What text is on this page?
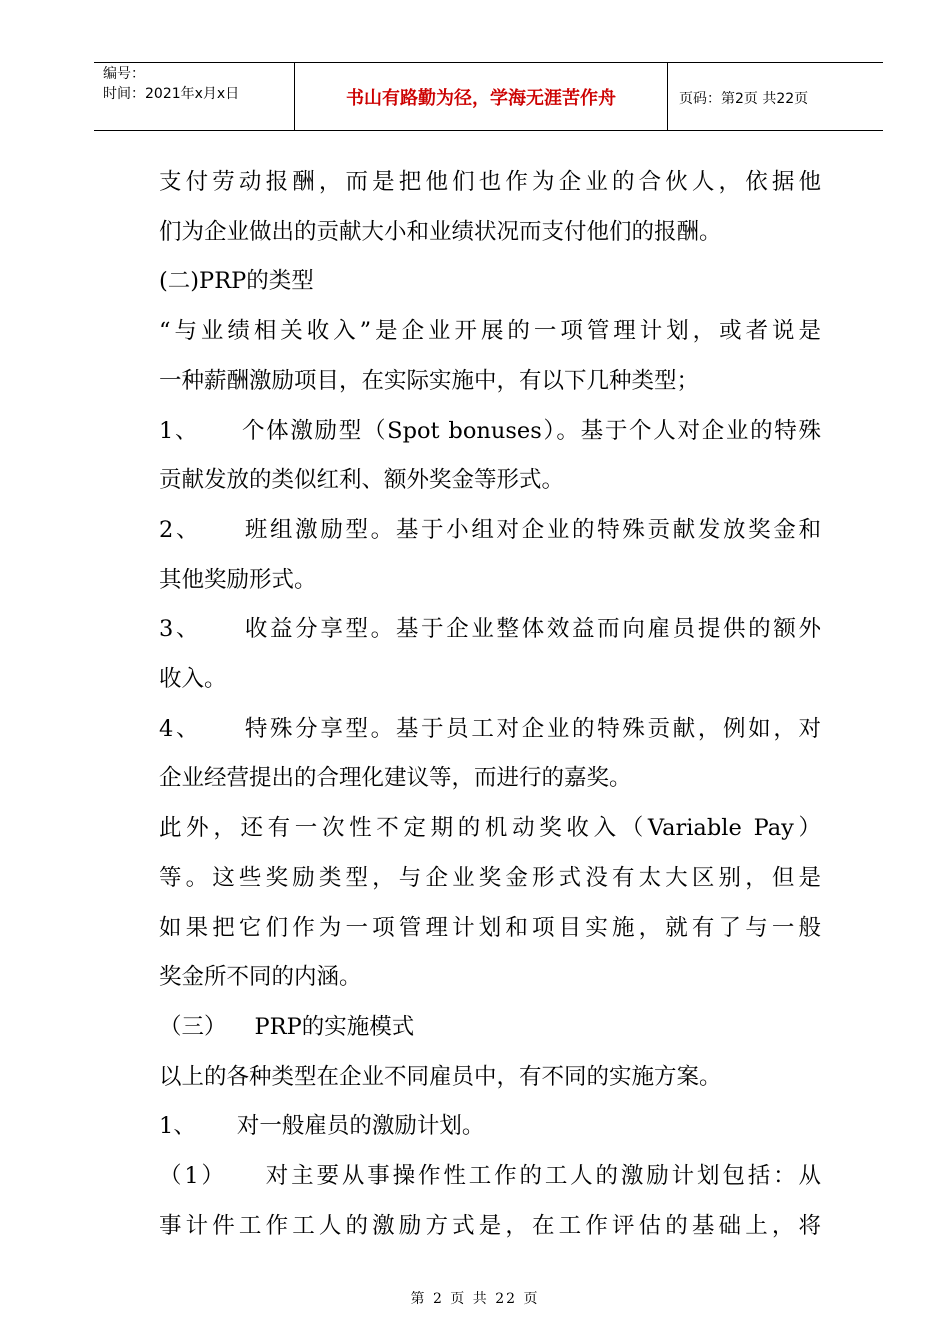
编号：
时间：2021年x月x日	书山有路勤为径，学海无涯苦作舟	页码：第2页 共22页

支付劳动报酬，而是把他们也作为企业的合伙人，依据他

们为企业做出的贡献大小和业绩状况而支付他们的报酬。

(二)PRP的类型

“与业绩相关收入”是企业开展的一项管理计划，或者说是

一种薪酬激励项目，在实际实施中，有以下几种类型；

1、 个体激励型（Spot bonuses）。基于个人对企业的特殊

贡献发放的类似红利、额外奖金等形式。

2、 班组激励型。基于小组对企业的特殊贡献发放奖金和

其他奖励形式。

3、 收益分享型。基于企业整体效益而向雇员提供的额外

收入。

4、 特殊分享型。基于员工对企业的特殊贡献，例如，对

企业经营提出的合理化建议等，而进行的嘉奖。

此外，还有一次性不定期的机动奖收入（Variable Pay）

等。这些奖励类型，与企业奖金形式没有太大区别，但是

如果把它们作为一项管理计划和项目实施，就有了与一般

奖金所不同的内涵。

（三） PRP的实施模式

以上的各种类型在企业不同雇员中，有不同的实施方案。

1、 对一般雇员的激励计划。

（1） 对主要从事操作性工作的工人的激励计划包括：从

事计件工作工人的激励方式是，在工作评估的基础上，将

第 2 页 共 22 页
